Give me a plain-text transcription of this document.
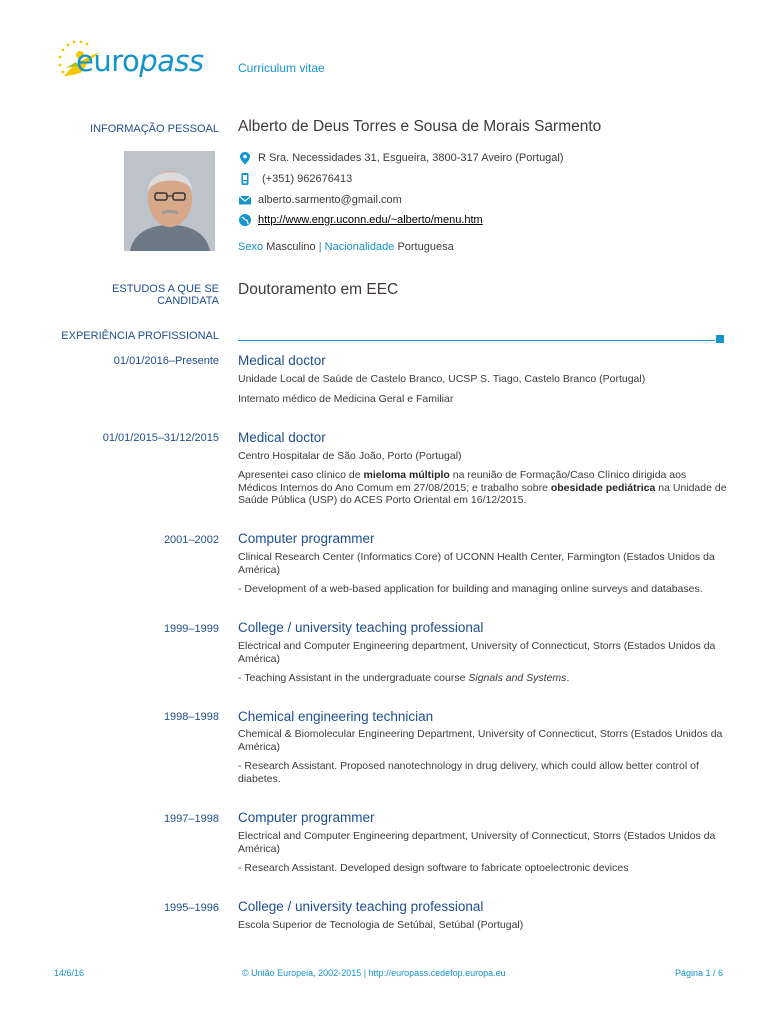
europass	Curriculum vitae
INFORMAÇÃO PESSOAL Alberto de Deus Torres e Sousa de Morais Sarmento
R Sra. Necessidades 31, Esgueira, 3800-317 Aveiro (Portugal)
(+351) 962676413
alberto.sarmento@gmail.com
http://www.engr.uconn.edu/~alberto/menu.htm
Sexo Masculino | Nacionalidade Portuguesa
ESTUDOS A QUE SE
CANDIDATA
Doutoramento em EEC
EXPERIÊNCIA PROFISSIONAL
01/01/2016–Presente Medical doctor
Unidade Local de Saúde de Castelo Branco, UCSP S. Tiago, Castelo Branco (Portugal)
Internato médico de Medicina Geral e Familiar
01/01/2015–31/12/2015 Medical doctor
Centro Hospitalar de São João, Porto (Portugal)
Apresentei caso clínico de mieloma múltiplo na reunião de Formação/Caso Clínico dirigida aos Médicos Internos do Ano Comum em 27/08/2015; e trabalho sobre obesidade pediátrica na Unidade de Saúde Pública (USP) do ACES Porto Oriental em 16/12/2015.
2001–2002 Computer programmer
Clinical Research Center (Informatics Core) of UCONN Health Center, Farmington (Estados Unidos da América)
- Development of a web-based application for building and managing online surveys and databases.
1999–1999 College / university teaching professional
Electrical and Computer Engineering department, University of Connecticut, Storrs (Estados Unidos da América)
- Teaching Assistant in the undergraduate course Signals and Systems.
1998–1998 Chemical engineering technician
Chemical & Biomolecular Engineering Department, University of Connecticut, Storrs (Estados Unidos da América)
- Research Assistant. Proposed nanotechnology in drug delivery, which could allow better control of diabetes.
1997–1998 Computer programmer
Electrical and Computer Engineering department, University of Connecticut, Storrs (Estados Unidos da América)
- Research Assistant. Developed design software to fabricate optoelectronic devices
1995–1996 College / university teaching professional
Escola Superior de Tecnologia de Setúbal, Setúbal (Portugal)
14/6/16	© União Europeia, 2002-2015 | http://europass.cedefop.europa.eu	Página 1 / 6
